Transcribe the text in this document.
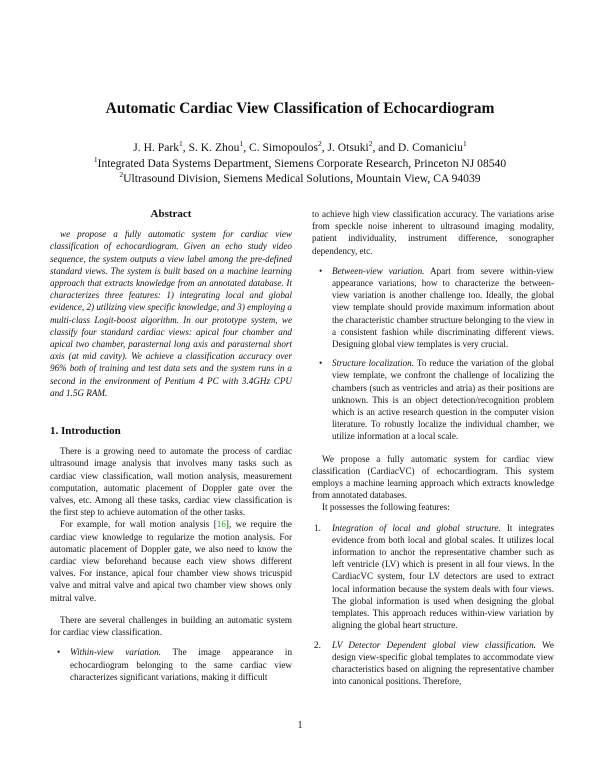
Automatic Cardiac View Classification of Echocardiogram
J. H. Park$^1$, S. K. Zhou$^1$, C. Simopoulos$^2$, J. Otsuki$^2$, and D. Comaniciu$^1$
$^1$Integrated Data Systems Department, Siemens Corporate Research, Princeton NJ 08540
$^2$Ultrasound Division, Siemens Medical Solutions, Mountain View, CA 94039
Abstract

we propose a fully automatic system for cardiac view classification of echocardiogram. Given an echo study video sequence, the system outputs a view label among the pre-defined standard views. The system is built based on a machine learning approach that extracts knowledge from an annotated database. It characterizes three features: 1) integrating local and global evidence, 2) utilizing view specific knowledge, and 3) employing a multi-class Logit-boost algorithm. In our prototype system, we classify four standard cardiac views: apical four chamber and apical two chamber, parasternal long axis and parasternal short axis (at mid cavity). We achieve a classification accuracy over 96% both of training and test data sets and the system runs in a second in the environment of Pentium 4 PC with 3.4GHz CPU and 1.5G RAM.

1. Introduction

There is a growing need to automate the process of cardiac ultrasound image analysis that involves many tasks such as cardiac view classification, wall motion analysis, measurement computation, automatic placement of Doppler gate over the valves, etc. Among all these tasks, cardiac view classification is the first step to achieve automation of the other tasks.

For example, for wall motion analysis [16], we require the cardiac view knowledge to regularize the motion analysis. For automatic placement of Doppler gate, we also need to know the cardiac view beforehand because each view shows different valves. For instance, apical four chamber view shows tricuspid valve and mitral valve and apical two chamber view shows only mitral valve.

There are several challenges in building an automatic system for cardiac view classification.

• Within-view variation. The image appearance in echocardiogram belonging to the same cardiac view characterizes significant variations, making it difficult

to achieve high view classification accuracy. The variations arise from speckle noise inherent to ultrasound imaging modality, patient individuality, instrument difference, sonographer dependency, etc.

• Between-view variation. Apart from severe within-view appearance variations, how to characterize the between-view variation is another challenge too. Ideally, the global view template should provide maximum information about the characteristic chamber structure belonging to the view in a consistent fashion while discriminating different views. Designing global view templates is very crucial.
• Structure localization. To reduce the variation of the global view template, we confront the challenge of localizing the chambers (such as ventricles and atria) as their positions are unknown. This is an object detection/recognition problem which is an active research question in the computer vision literature. To robustly localize the individual chamber, we utilize information at a local scale.

We propose a fully automatic system for cardiac view classification (CardiacVC) of echocardiogram. This system employs a machine learning approach which extracts knowledge from annotated databases.

It possesses the following features:

1. Integration of local and global structure. It integrates evidence from both local and global scales. It utilizes local information to anchor the representative chamber such as left ventricle (LV) which is present in all four views. In the CardiacVC system, four LV detectors are used to extract local information because the system deals with four views. The global information is used when designing the global templates. This approach reduces within-view variation by aligning the global heart structure.
2. LV Detector Dependent global view classification. We design view-specific global templates to accommodate view characteristics based on aligning the representative chamber into canonical positions. Therefore,
1
